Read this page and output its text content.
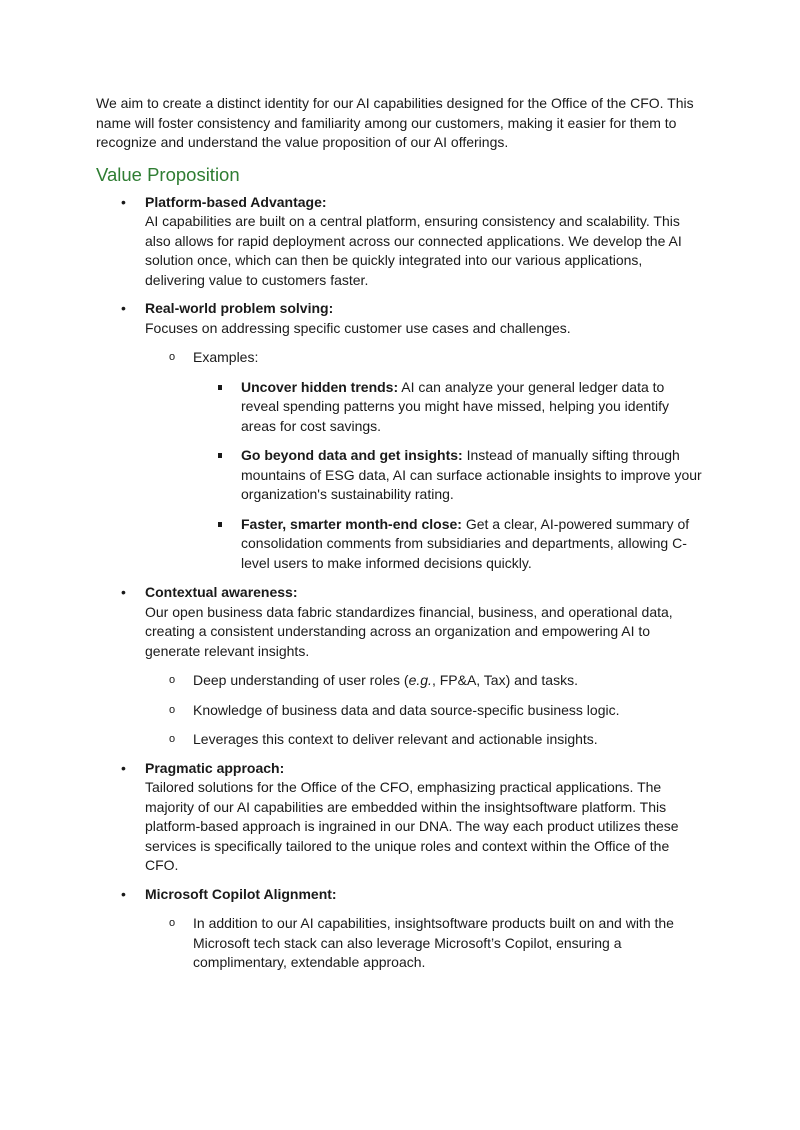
We aim to create a distinct identity for our AI capabilities designed for the Office of the CFO. This name will foster consistency and familiarity among our customers, making it easier for them to recognize and understand the value proposition of our AI offerings.

Value Proposition
• Platform-based Advantage:
AI capabilities are built on a central platform, ensuring consistency and scalability. This also allows for rapid deployment across our connected applications. We develop the AI solution once, which can then be quickly integrated into our various applications, delivering value to customers faster.
• Real-world problem solving:
Focuses on addressing specific customer use cases and challenges.
o Examples:
Uncover hidden trends: AI can analyze your general ledger data to reveal spending patterns you might have missed, helping you identify areas for cost savings.
Go beyond data and get insights: Instead of manually sifting through mountains of ESG data, AI can surface actionable insights to improve your organization's sustainability rating.
Faster, smarter month-end close: Get a clear, AI-powered summary of consolidation comments from subsidiaries and departments, allowing C-level users to make informed decisions quickly.
• Contextual awareness:
Our open business data fabric standardizes financial, business, and operational data, creating a consistent understanding across an organization and empowering AI to generate relevant insights.
o Deep understanding of user roles (e.g., FP&A, Tax) and tasks.
o Knowledge of business data and data source-specific business logic.
o Leverages this context to deliver relevant and actionable insights.
• Pragmatic approach:
Tailored solutions for the Office of the CFO, emphasizing practical applications. The majority of our AI capabilities are embedded within the insightsoftware platform. This platform-based approach is ingrained in our DNA. The way each product utilizes these services is specifically tailored to the unique roles and context within the Office of the CFO.
• Microsoft Copilot Alignment:
o In addition to our AI capabilities, insightsoftware products built on and with the Microsoft tech stack can also leverage Microsoft’s Copilot, ensuring a complimentary, extendable approach.
